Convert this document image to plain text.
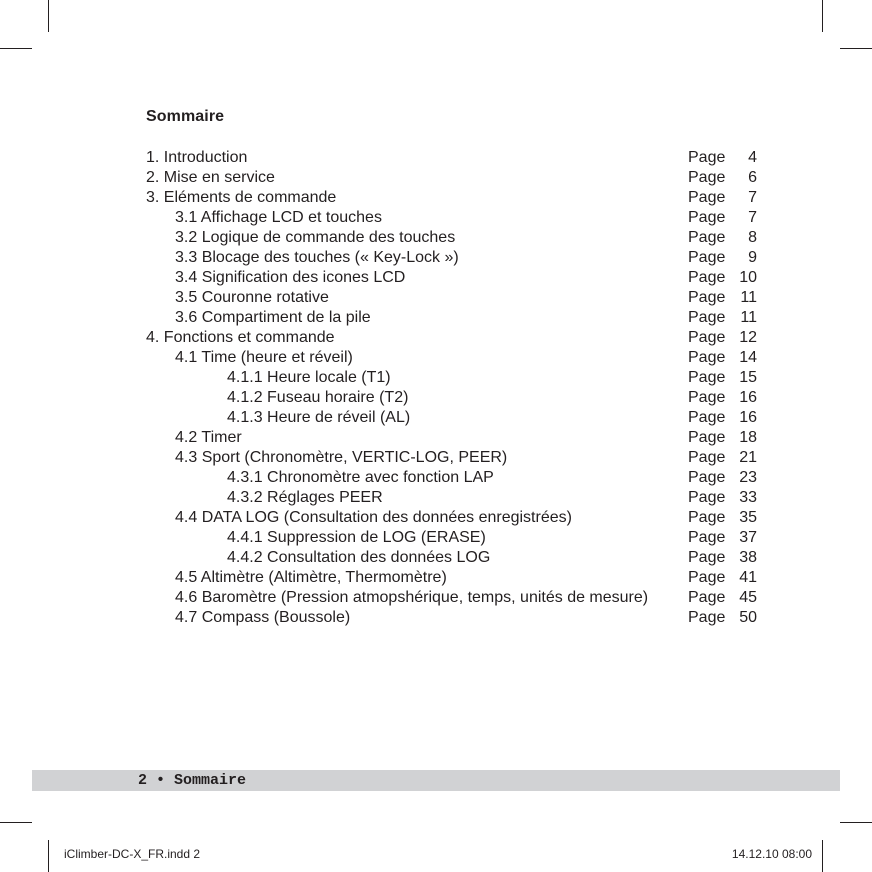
Sommaire
1. Introduction	Page 4
2. Mise en service	Page 6
3. Eléments de commande	Page 7
3.1 Affichage LCD et touches	Page 7
3.2 Logique de commande des touches	Page 8
3.3 Blocage des touches (« Key-Lock »)	Page 9
3.4 Signification des icones LCD	Page 10
3.5 Couronne rotative	Page 11
3.6 Compartiment de la pile	Page 11
4. Fonctions et commande	Page 12
4.1 Time (heure et réveil)	Page 14
4.1.1 Heure locale (T1)	Page 15
4.1.2 Fuseau horaire (T2)	Page 16
4.1.3 Heure de réveil (AL)	Page 16
4.2 Timer	Page 18
4.3 Sport (Chronomètre, VERTIC-LOG, PEER)	Page 21
4.3.1 Chronomètre avec fonction LAP	Page 23
4.3.2 Réglages PEER	Page 33
4.4 DATA LOG (Consultation des données enregistrées)	Page 35
4.4.1 Suppression de LOG (ERASE)	Page 37
4.4.2 Consultation des données LOG	Page 38
4.5 Altimètre (Altimètre, Thermomètre)	Page 41
4.6 Baromètre (Pression atmopshérique, temps, unités de mesure) Page 45
4.7 Compass (Boussole)	Page 50
2 • Sommaire
iClimber-DC-X_FR.indd 2	14.12.10 08:00
